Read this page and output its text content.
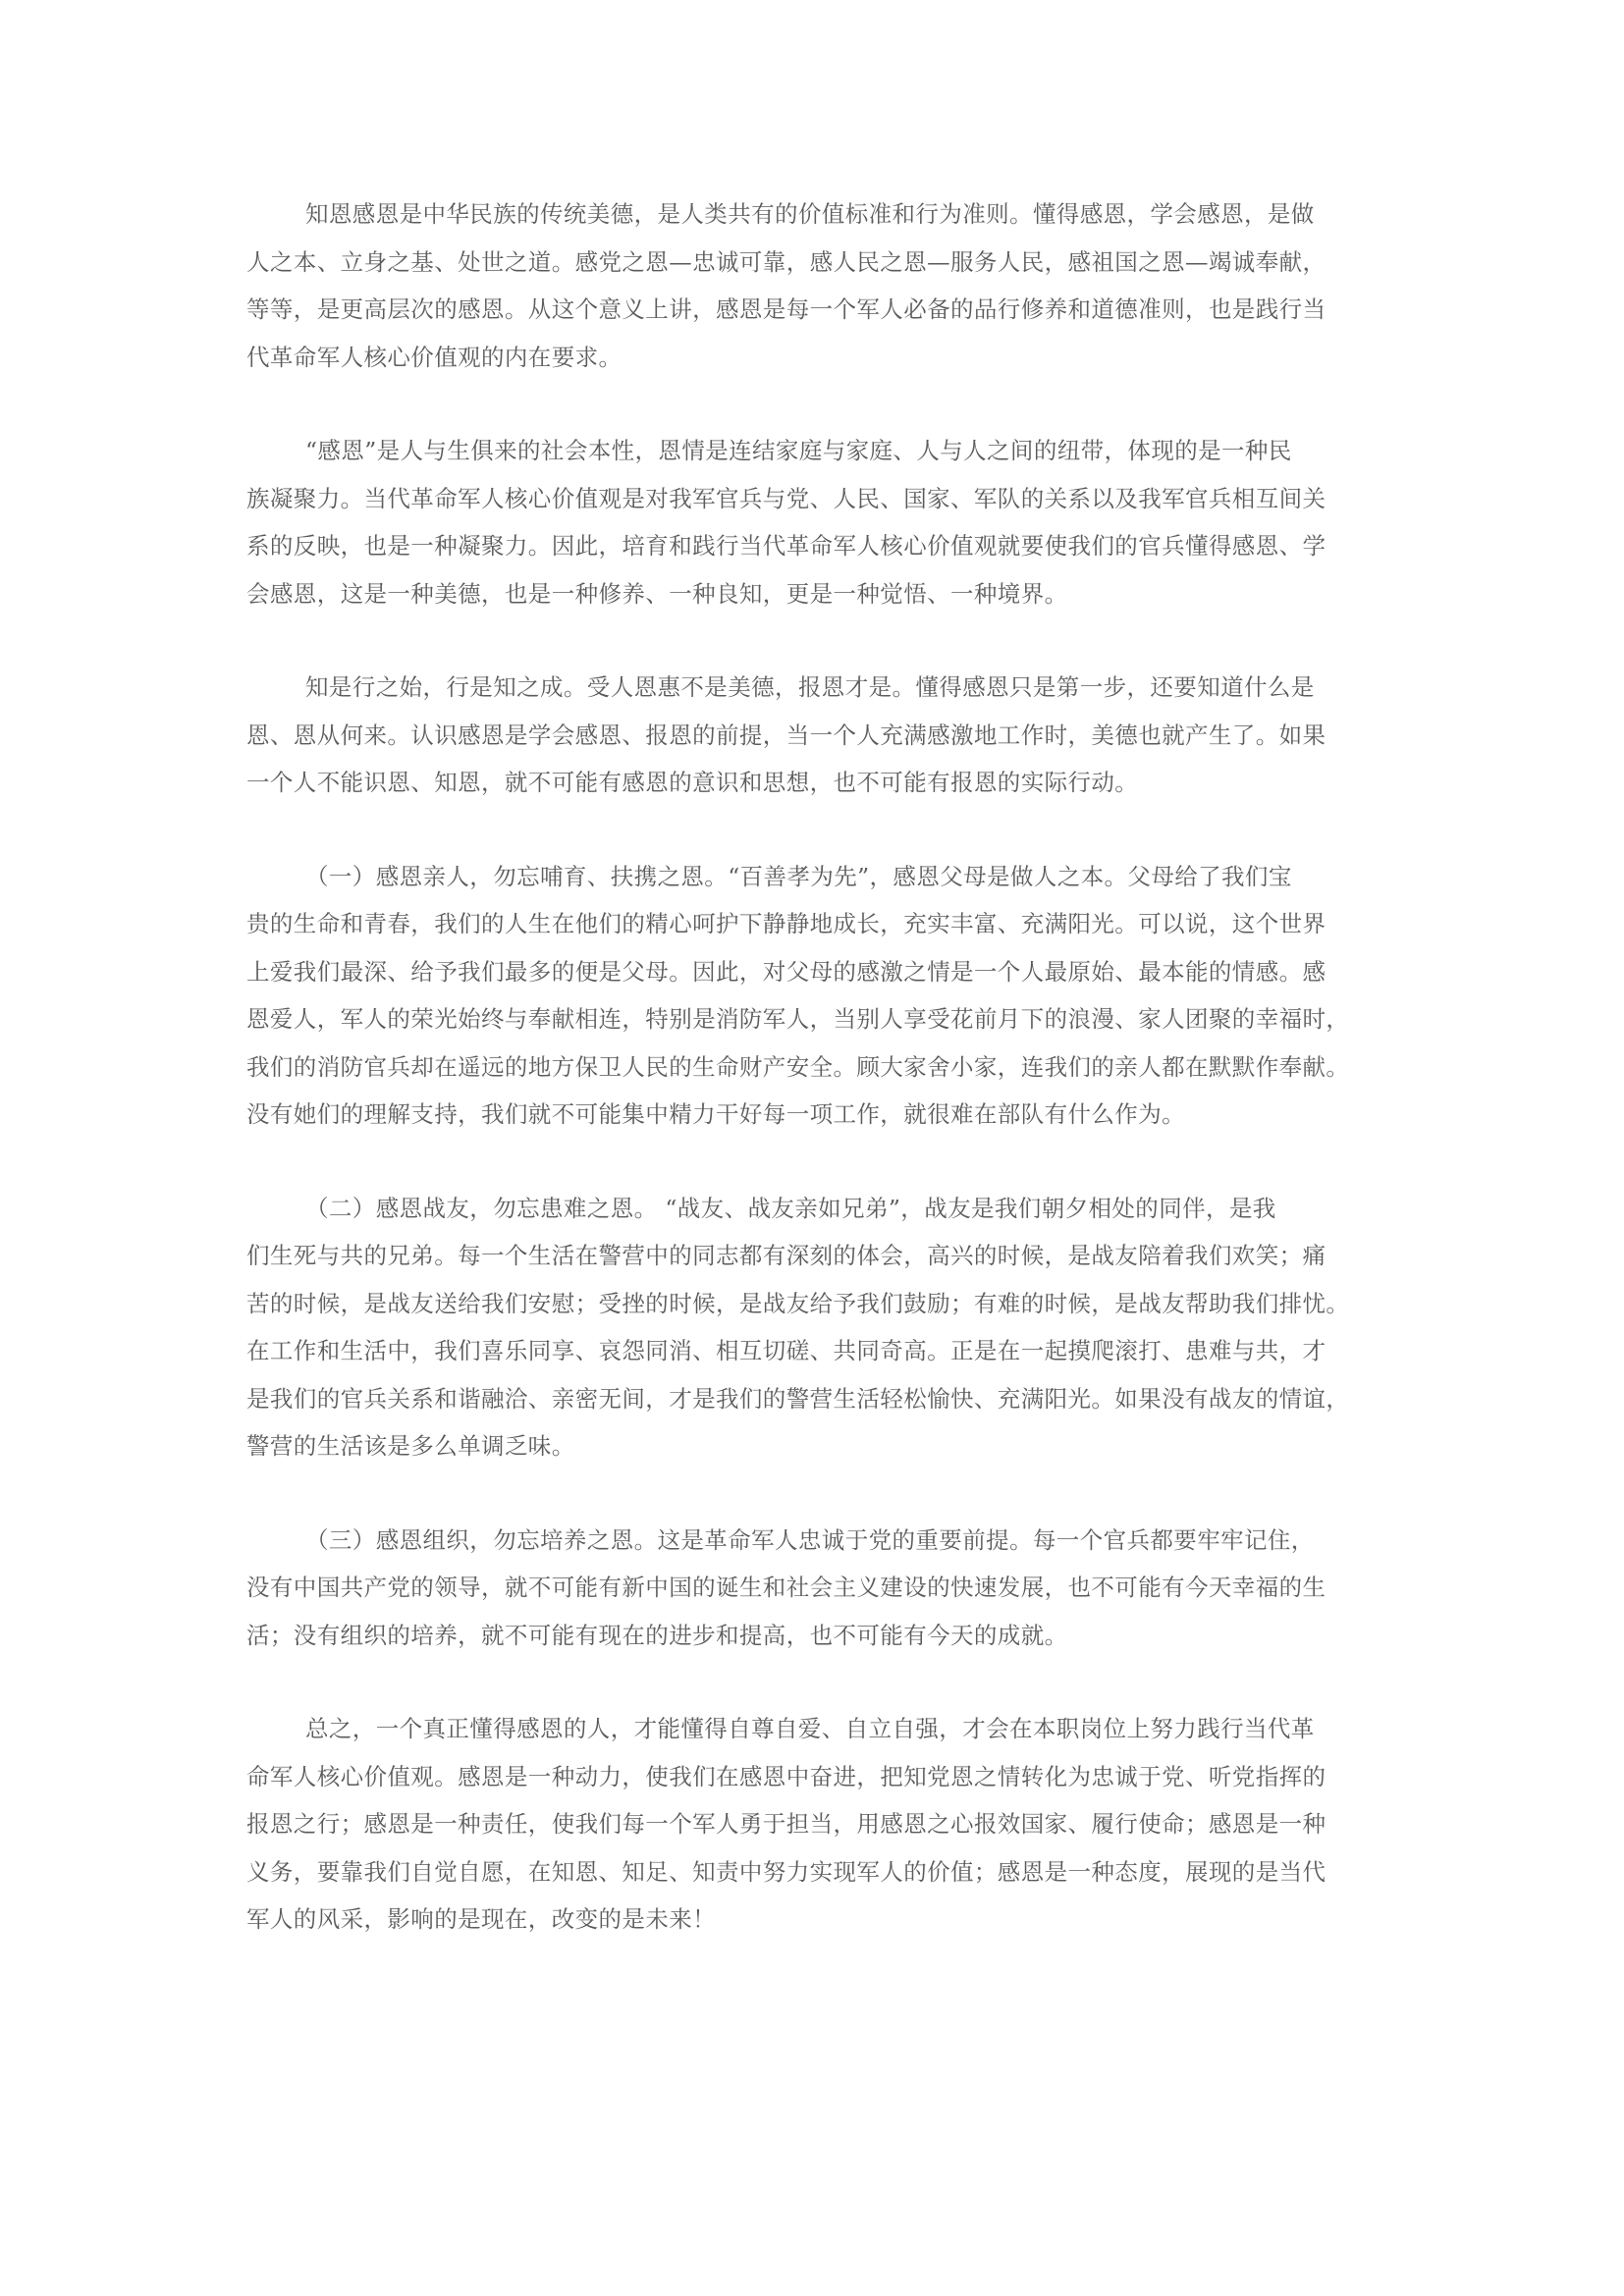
知恩感恩是中华民族的传统美德，是人类共有的价值标准和行为准则。懂得感恩，学会感恩，是做
人之本、立身之基、处世之道。感党之恩—忠诚可靠，感人民之恩—服务人民，感祖国之恩—竭诚奉献，
等等，是更高层次的感恩。从这个意义上讲，感恩是每一个军人必备的品行修养和道德准则，也是践行当
代革命军人核心价值观的内在要求。
“感恩”是人与生俱来的社会本性，恩情是连结家庭与家庭、人与人之间的纽带，体现的是一种民
族凝聚力。当代革命军人核心价值观是对我军官兵与党、人民、国家、军队的关系以及我军官兵相互间关
系的反映，也是一种凝聚力。因此，培育和践行当代革命军人核心价值观就要使我们的官兵懂得感恩、学
会感恩，这是一种美德，也是一种修养、一种良知，更是一种觉悟、一种境界。
知是行之始，行是知之成。受人恩惠不是美德，报恩才是。懂得感恩只是第一步，还要知道什么是
恩、恩从何来。认识感恩是学会感恩、报恩的前提，当一个人充满感激地工作时，美德也就产生了。如果
一个人不能识恩、知恩，就不可能有感恩的意识和思想，也不可能有报恩的实际行动。
（一）感恩亲人，勿忘哺育、扶携之恩。“百善孝为先”，感恩父母是做人之本。父母给了我们宝
贵的生命和青春，我们的人生在他们的精心呵护下静静地成长，充实丰富、充满阳光。可以说，这个世界
上爱我们最深、给予我们最多的便是父母。因此，对父母的感激之情是一个人最原始、最本能的情感。感
恩爱人，军人的荣光始终与奉献相连，特别是消防军人，当别人享受花前月下的浪漫、家人团聚的幸福时，
我们的消防官兵却在遥远的地方保卫人民的生命财产安全。顾大家舍小家，连我们的亲人都在默默作奉献。
没有她们的理解支持，我们就不可能集中精力干好每一项工作，就很难在部队有什么作为。
（二）感恩战友，勿忘患难之恩。 “战友、战友亲如兄弟”，战友是我们朝夕相处的同伴，是我
们生死与共的兄弟。每一个生活在警营中的同志都有深刻的体会，高兴的时候，是战友陪着我们欢笑；痛
苦的时候，是战友送给我们安慰；受挫的时候，是战友给予我们鼓励；有难的时候，是战友帮助我们排忧。
在工作和生活中，我们喜乐同享、哀怨同消、相互切磋、共同奇高。正是在一起摸爬滚打、患难与共，才
是我们的官兵关系和谐融洽、亲密无间，才是我们的警营生活轻松愉快、充满阳光。如果没有战友的情谊，
警营的生活该是多么单调乏味。
（三）感恩组织，勿忘培养之恩。这是革命军人忠诚于党的重要前提。每一个官兵都要牢牢记住，
没有中国共产党的领导，就不可能有新中国的诞生和社会主义建设的快速发展，也不可能有今天幸福的生
活；没有组织的培养，就不可能有现在的进步和提高，也不可能有今天的成就。
总之，一个真正懂得感恩的人，才能懂得自尊自爱、自立自强，才会在本职岗位上努力践行当代革
命军人核心价值观。感恩是一种动力，使我们在感恩中奋进，把知党恩之情转化为忠诚于党、听党指挥的
报恩之行；感恩是一种责任，使我们每一个军人勇于担当，用感恩之心报效国家、履行使命；感恩是一种
义务，要靠我们自觉自愿，在知恩、知足、知责中努力实现军人的价值；感恩是一种态度，展现的是当代
军人的风采，影响的是现在，改变的是未来！
